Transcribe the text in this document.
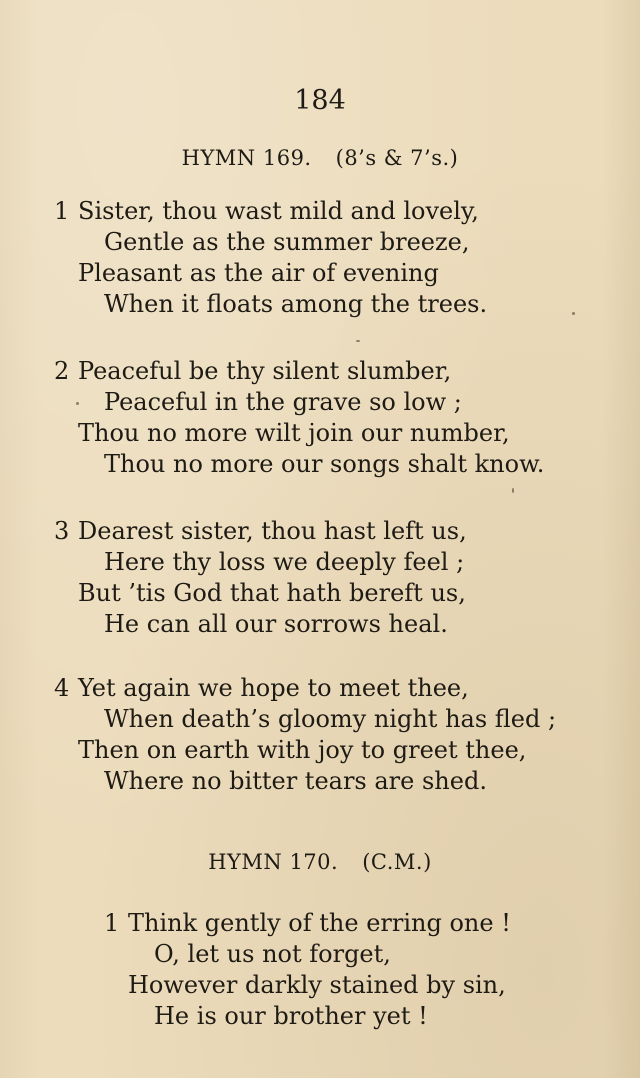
184
HYMN 169. (8’s & 7’s.)
1 Sister, thou wast mild and lovely,
Gentle as the summer breeze,
Pleasant as the air of evening
When it floats among the trees.
2 Peaceful be thy silent slumber,
Peaceful in the grave so low ;
Thou no more wilt join our number,
Thou no more our songs shalt know.
3 Dearest sister, thou hast left us,
Here thy loss we deeply feel ;
But ’tis God that hath bereft us,
He can all our sorrows heal.
4 Yet again we hope to meet thee,
When death’s gloomy night has fled ;
Then on earth with joy to greet thee,
Where no bitter tears are shed.
HYMN 170. (C.M.)
1 Think gently of the erring one !
O, let us not forget,
However darkly stained by sin,
He is our brother yet !
